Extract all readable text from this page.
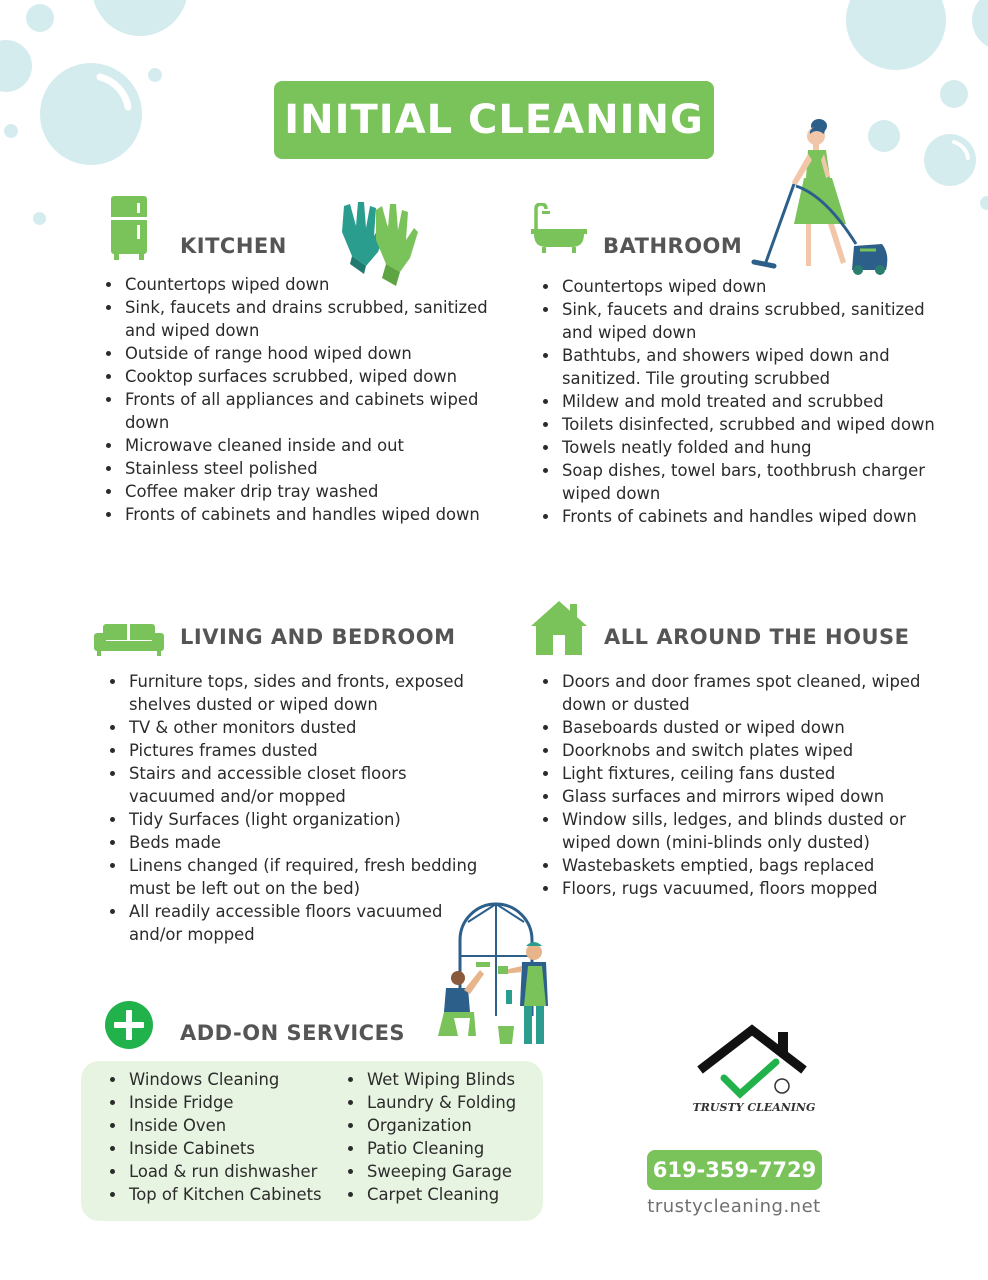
INITIAL CLEANING
KITCHEN
• Countertops wiped down
• Sink, faucets and drains scrubbed, sanitized and wiped down
• Outside of range hood wiped down
• Cooktop surfaces scrubbed, wiped down
• Fronts of all appliances and cabinets wiped down
• Microwave cleaned inside and out
• Stainless steel polished
• Coffee maker drip tray washed
• Fronts of cabinets and handles wiped down
BATHROOM
• Countertops wiped down
• Sink, faucets and drains scrubbed, sanitized and wiped down
• Bathtubs, and showers wiped down and sanitized. Tile grouting scrubbed
• Mildew and mold treated and scrubbed
• Toilets disinfected, scrubbed and wiped down
• Towels neatly folded and hung
• Soap dishes, towel bars, toothbrush charger wiped down
• Fronts of cabinets and handles wiped down
LIVING AND BEDROOM
• Furniture tops, sides and fronts, exposed shelves dusted or wiped down
• TV & other monitors dusted
• Pictures frames dusted
• Stairs and accessible closet floors vacuumed and/or mopped
• Tidy Surfaces (light organization)
• Beds made
• Linens changed (if required, fresh bedding must be left out on the bed)
• All readily accessible floors vacuumed and/or mopped
ALL AROUND THE HOUSE
• Doors and door frames spot cleaned, wiped down or dusted
• Baseboards dusted or wiped down
• Doorknobs and switch plates wiped
• Light fixtures, ceiling fans dusted
• Glass surfaces and mirrors wiped down
• Window sills, ledges, and blinds dusted or wiped down (mini-blinds only dusted)
• Wastebaskets emptied, bags replaced
• Floors, rugs vacuumed, floors mopped
ADD-ON SERVICES
• Windows Cleaning
• Inside Fridge
• Inside Oven
• Inside Cabinets
• Load & run dishwasher
• Top of Kitchen Cabinets
• Wet Wiping Blinds
• Laundry & Folding
• Organization
• Patio Cleaning
• Sweeping Garage
• Carpet Cleaning
TRUSTY CLEANING
619-359-7729
trustycleaning.net
